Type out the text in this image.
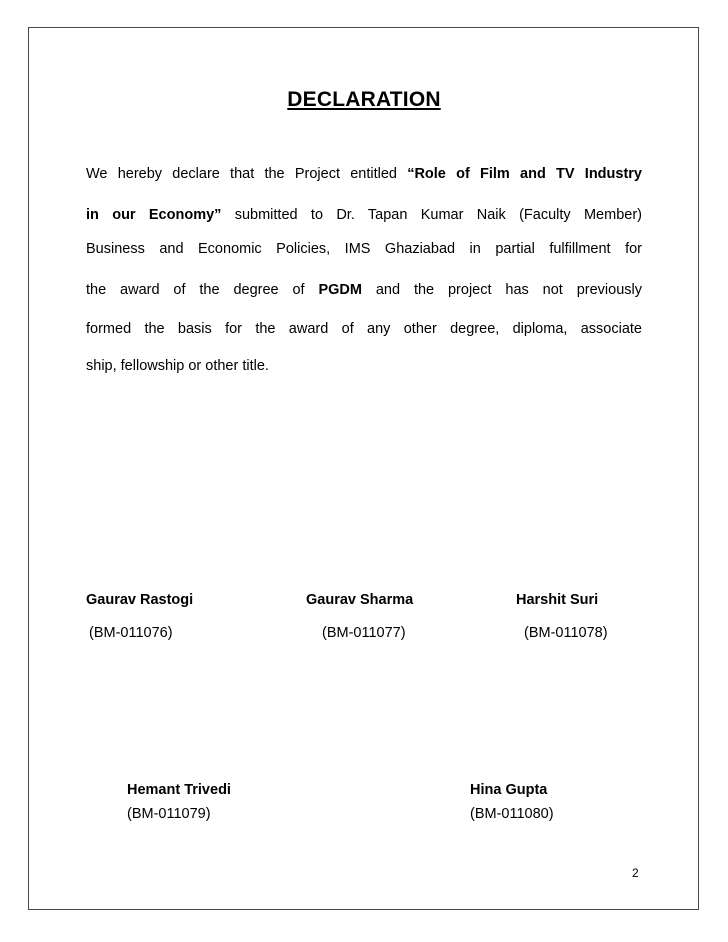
DECLARATION
We hereby declare that the Project entitled “Role of Film and TV Industry
in our Economy” submitted to Dr. Tapan Kumar Naik (Faculty Member)
Business and Economic Policies, IMS Ghaziabad in partial fulfillment for
the award of the degree of PGDM and the project has not previously
formed the basis for the award of any other degree, diploma, associate
ship, fellowship or other title.
Gaurav Rastogi
(BM-011076)
Gaurav Sharma
(BM-011077)
Harshit Suri
(BM-011078)
Hemant Trivedi
(BM-011079)
Hina Gupta
(BM-011080)
2
